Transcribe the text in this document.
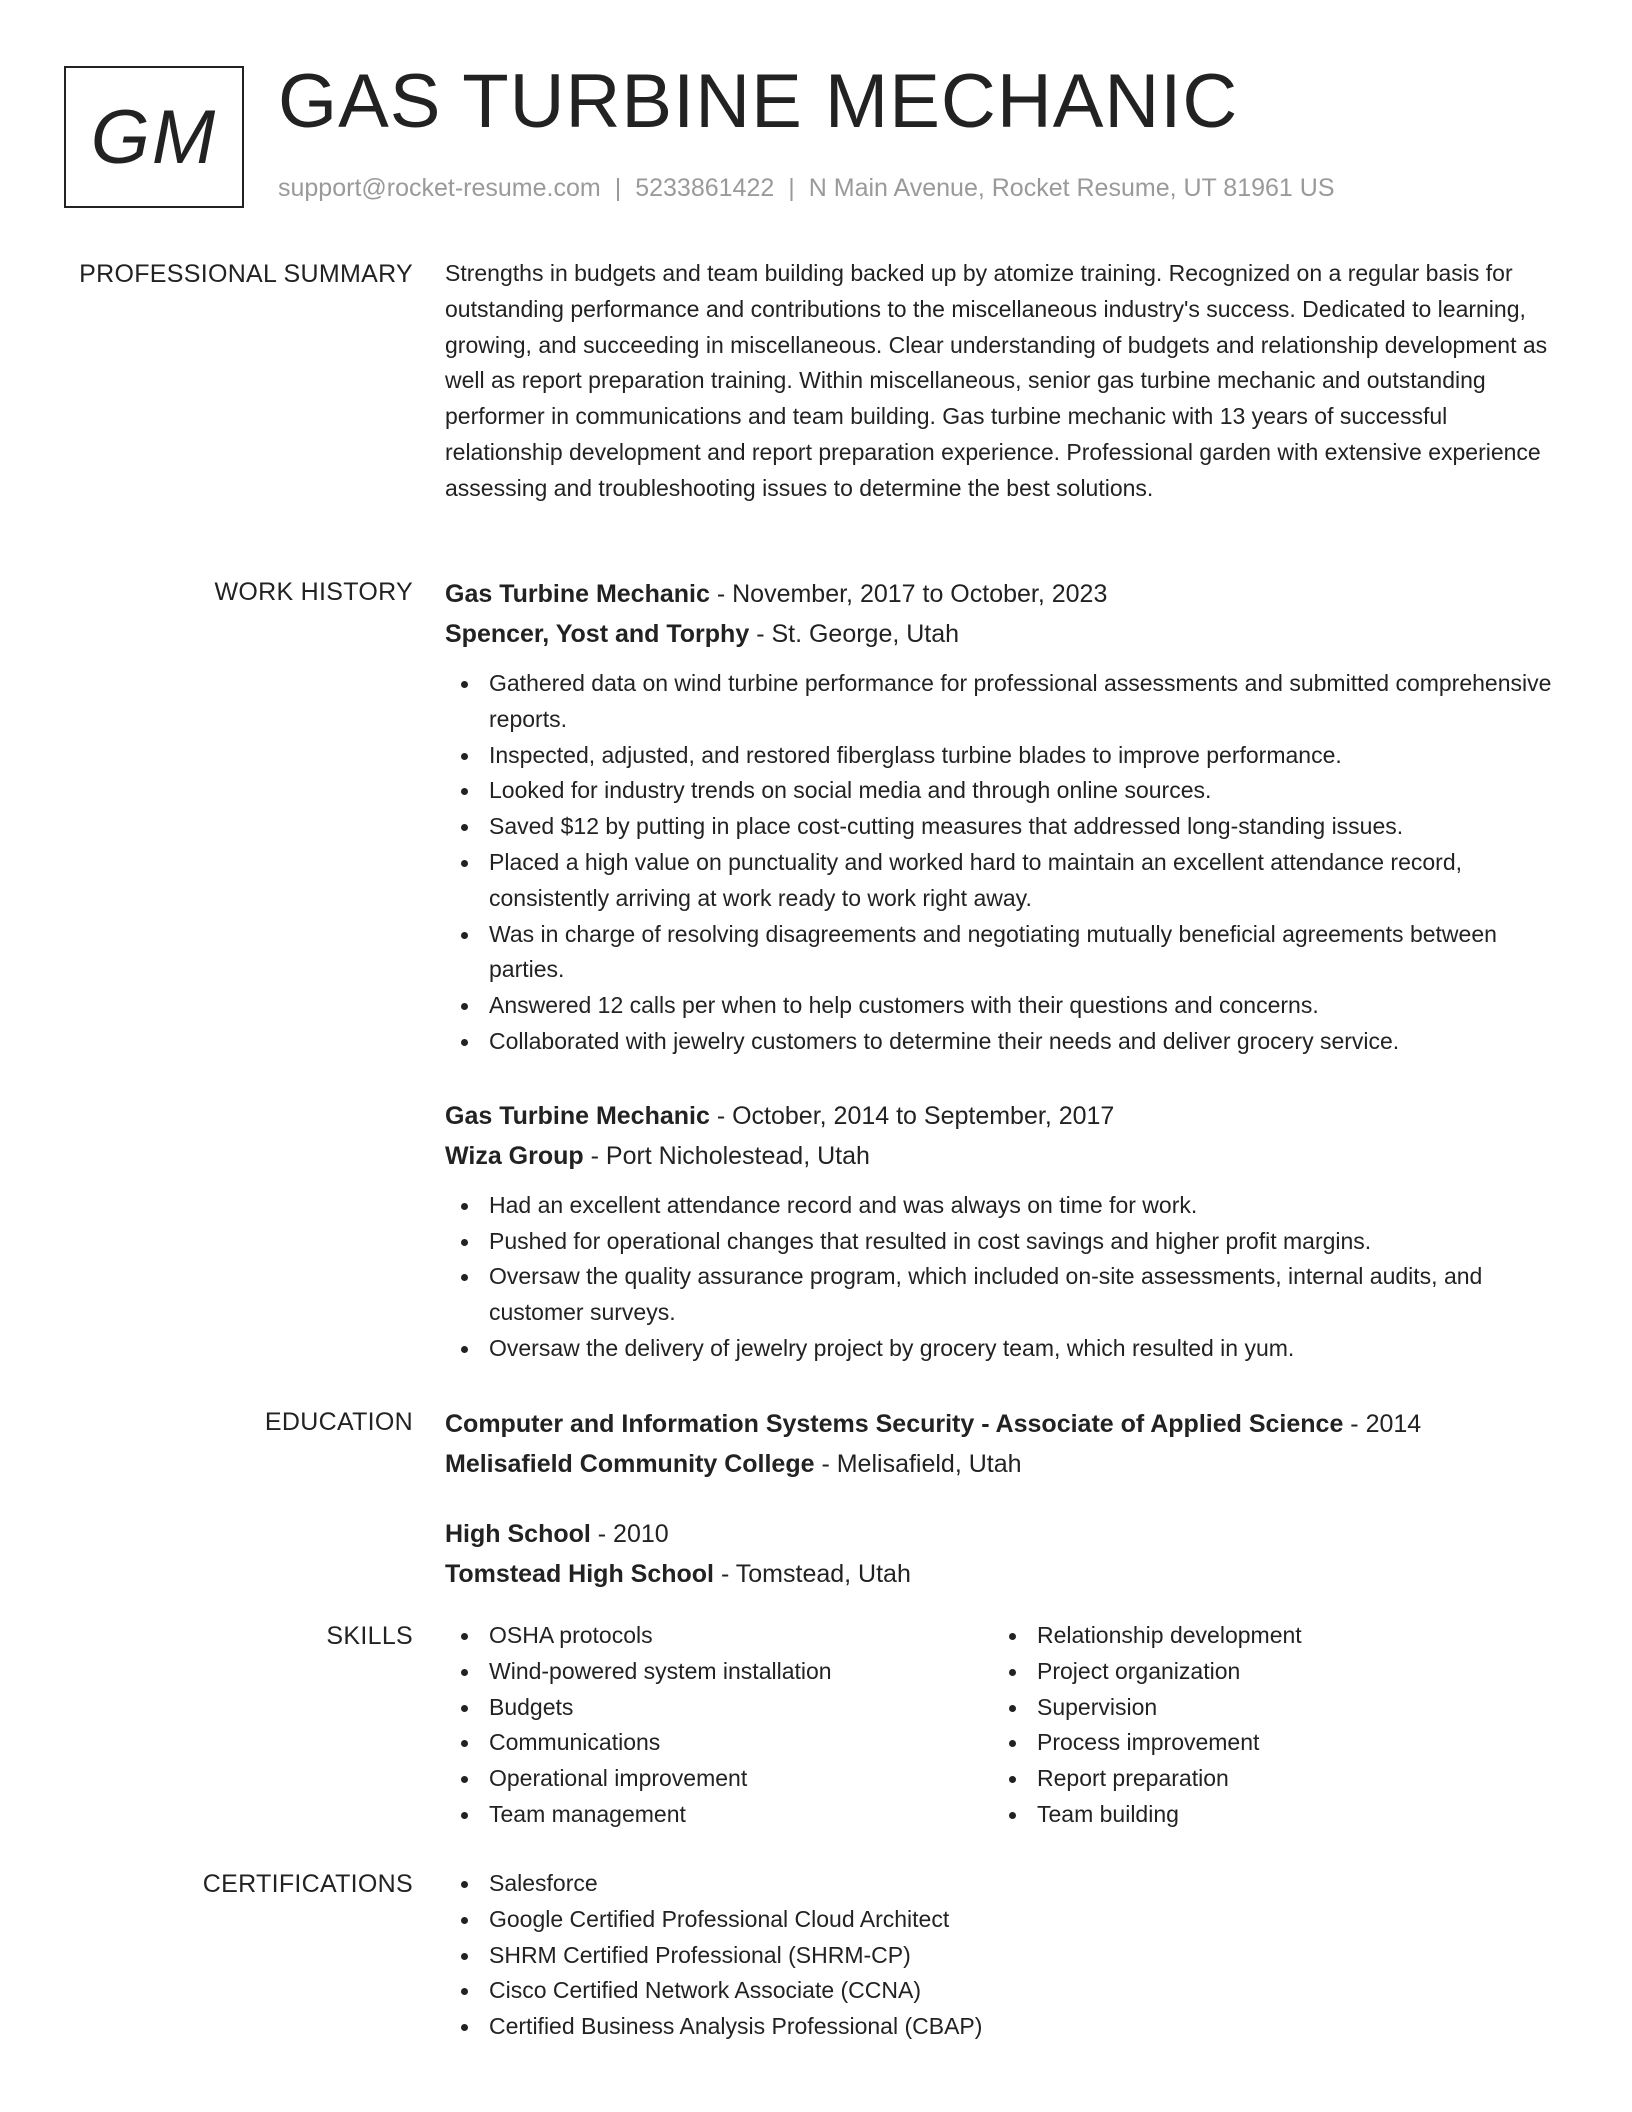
GM GAS TURBINE MECHANIC
support@rocket-resume.com | 5233861422 | N Main Avenue, Rocket Resume, UT 81961 US
PROFESSIONAL SUMMARY Strengths in budgets and team building backed up by atomize training. Recognized on a regular basis for outstanding performance and contributions to the miscellaneous industry's success. Dedicated to learning, growing, and succeeding in miscellaneous. Clear understanding of budgets and relationship development as well as report preparation training. Within miscellaneous, senior gas turbine mechanic and outstanding performer in communications and team building. Gas turbine mechanic with 13 years of successful relationship development and report preparation experience. Professional garden with extensive experience assessing and troubleshooting issues to determine the best solutions.

WORK HISTORY Gas Turbine Mechanic - November, 2017 to October, 2023
Spencer, Yost and Torphy - St. George, Utah
Gathered data on wind turbine performance for professional assessments and submitted comprehensive reports.
Inspected, adjusted, and restored fiberglass turbine blades to improve performance.
Looked for industry trends on social media and through online sources.
Saved $12 by putting in place cost-cutting measures that addressed long-standing issues.
Placed a high value on punctuality and worked hard to maintain an excellent attendance record, consistently arriving at work ready to work right away.
Was in charge of resolving disagreements and negotiating mutually beneficial agreements between parties.
Answered 12 calls per when to help customers with their questions and concerns.
Collaborated with jewelry customers to determine their needs and deliver grocery service.
Gas Turbine Mechanic - October, 2014 to September, 2017
Wiza Group - Port Nicholestead, Utah
Had an excellent attendance record and was always on time for work.
Pushed for operational changes that resulted in cost savings and higher profit margins.
Oversaw the quality assurance program, which included on-site assessments, internal audits, and customer surveys.
Oversaw the delivery of jewelry project by grocery team, which resulted in yum.
EDUCATION Computer and Information Systems Security - Associate of Applied Science - 2014
Melisafield Community College - Melisafield, Utah
High School - 2010
Tomstead High School - Tomstead, Utah
SKILLS	OSHA protocols
Wind-powered system installation
Budgets
Communications
Operational improvement
Team management
Relationship development
Project organization
Supervision
Process improvement
Report preparation
Team building
CERTIFICATIONS	Salesforce
Google Certified Professional Cloud Architect
SHRM Certified Professional (SHRM-CP)
Cisco Certified Network Associate (CCNA)
Certified Business Analysis Professional (CBAP)
